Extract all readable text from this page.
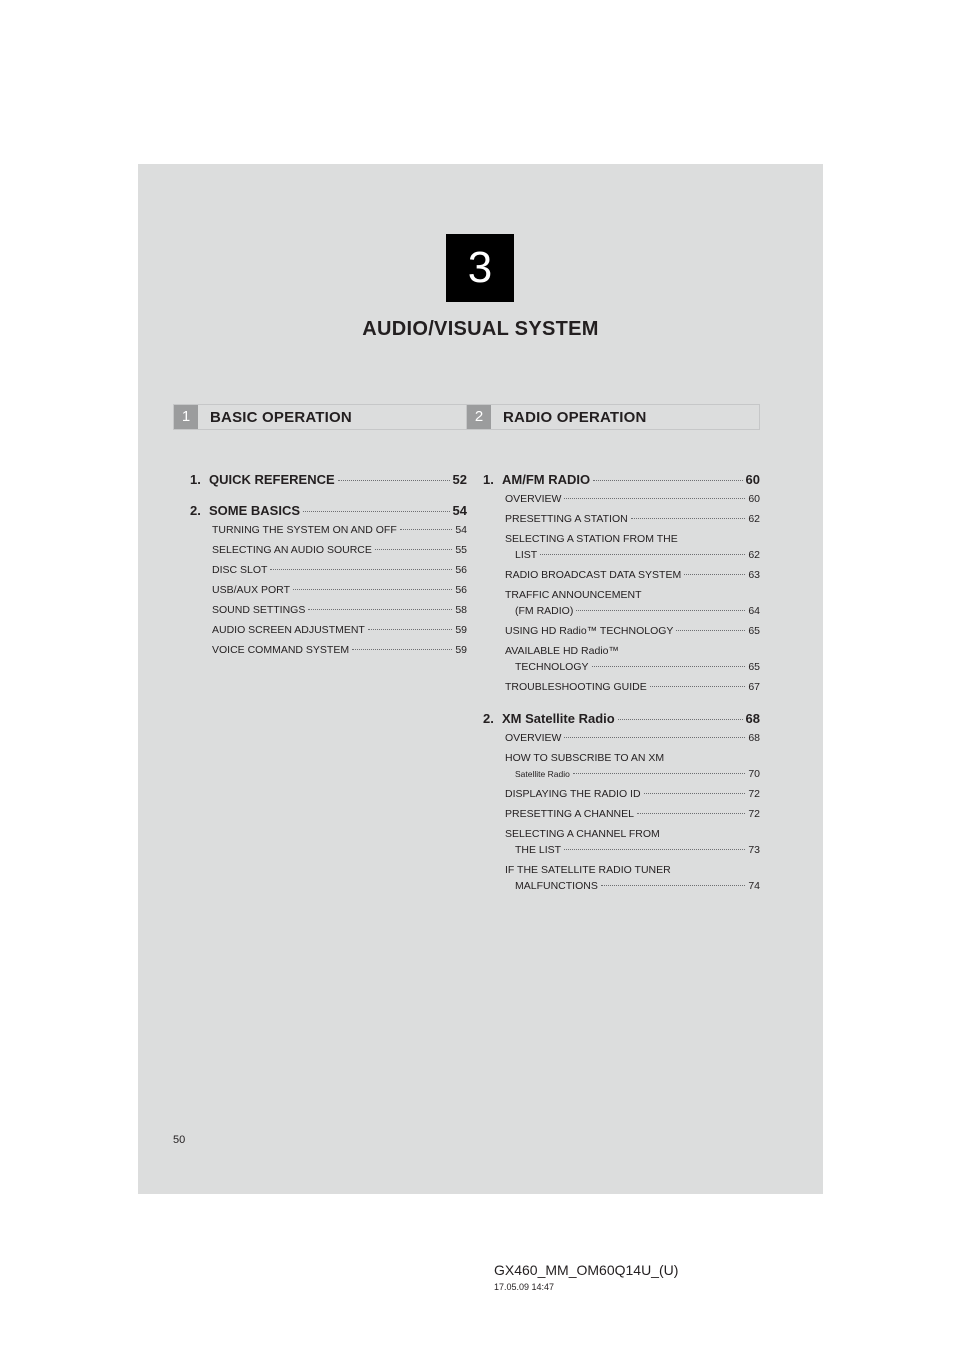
3
AUDIO/VISUAL SYSTEM
1	BASIC OPERATION
1. QUICK REFERENCE	52
2. SOME BASICS	54
TURNING THE SYSTEM ON AND OFF	54
SELECTING AN AUDIO SOURCE	55
DISC SLOT	56
USB/AUX PORT	56
SOUND SETTINGS	58
AUDIO SCREEN ADJUSTMENT	59
VOICE COMMAND SYSTEM	59
2	RADIO OPERATION
1. AM/FM RADIO	60
OVERVIEW	60
PRESETTING A STATION	62
SELECTING A STATION FROM THE
LIST	62
RADIO BROADCAST DATA SYSTEM	63
TRAFFIC ANNOUNCEMENT
(FM RADIO)	64
USING HD Radio™ TECHNOLOGY	65
AVAILABLE HD Radio™
TECHNOLOGY	65
TROUBLESHOOTING GUIDE	67
2. XM Satellite Radio	68
OVERVIEW	68
HOW TO SUBSCRIBE TO AN XM
Satellite Radio	70
DISPLAYING THE RADIO ID	72
PRESETTING A CHANNEL	72
SELECTING A CHANNEL FROM
THE LIST	73
IF THE SATELLITE RADIO TUNER
MALFUNCTIONS	74
50
GX460_MM_OM60Q14U_(U)
17.05.09 14:47
